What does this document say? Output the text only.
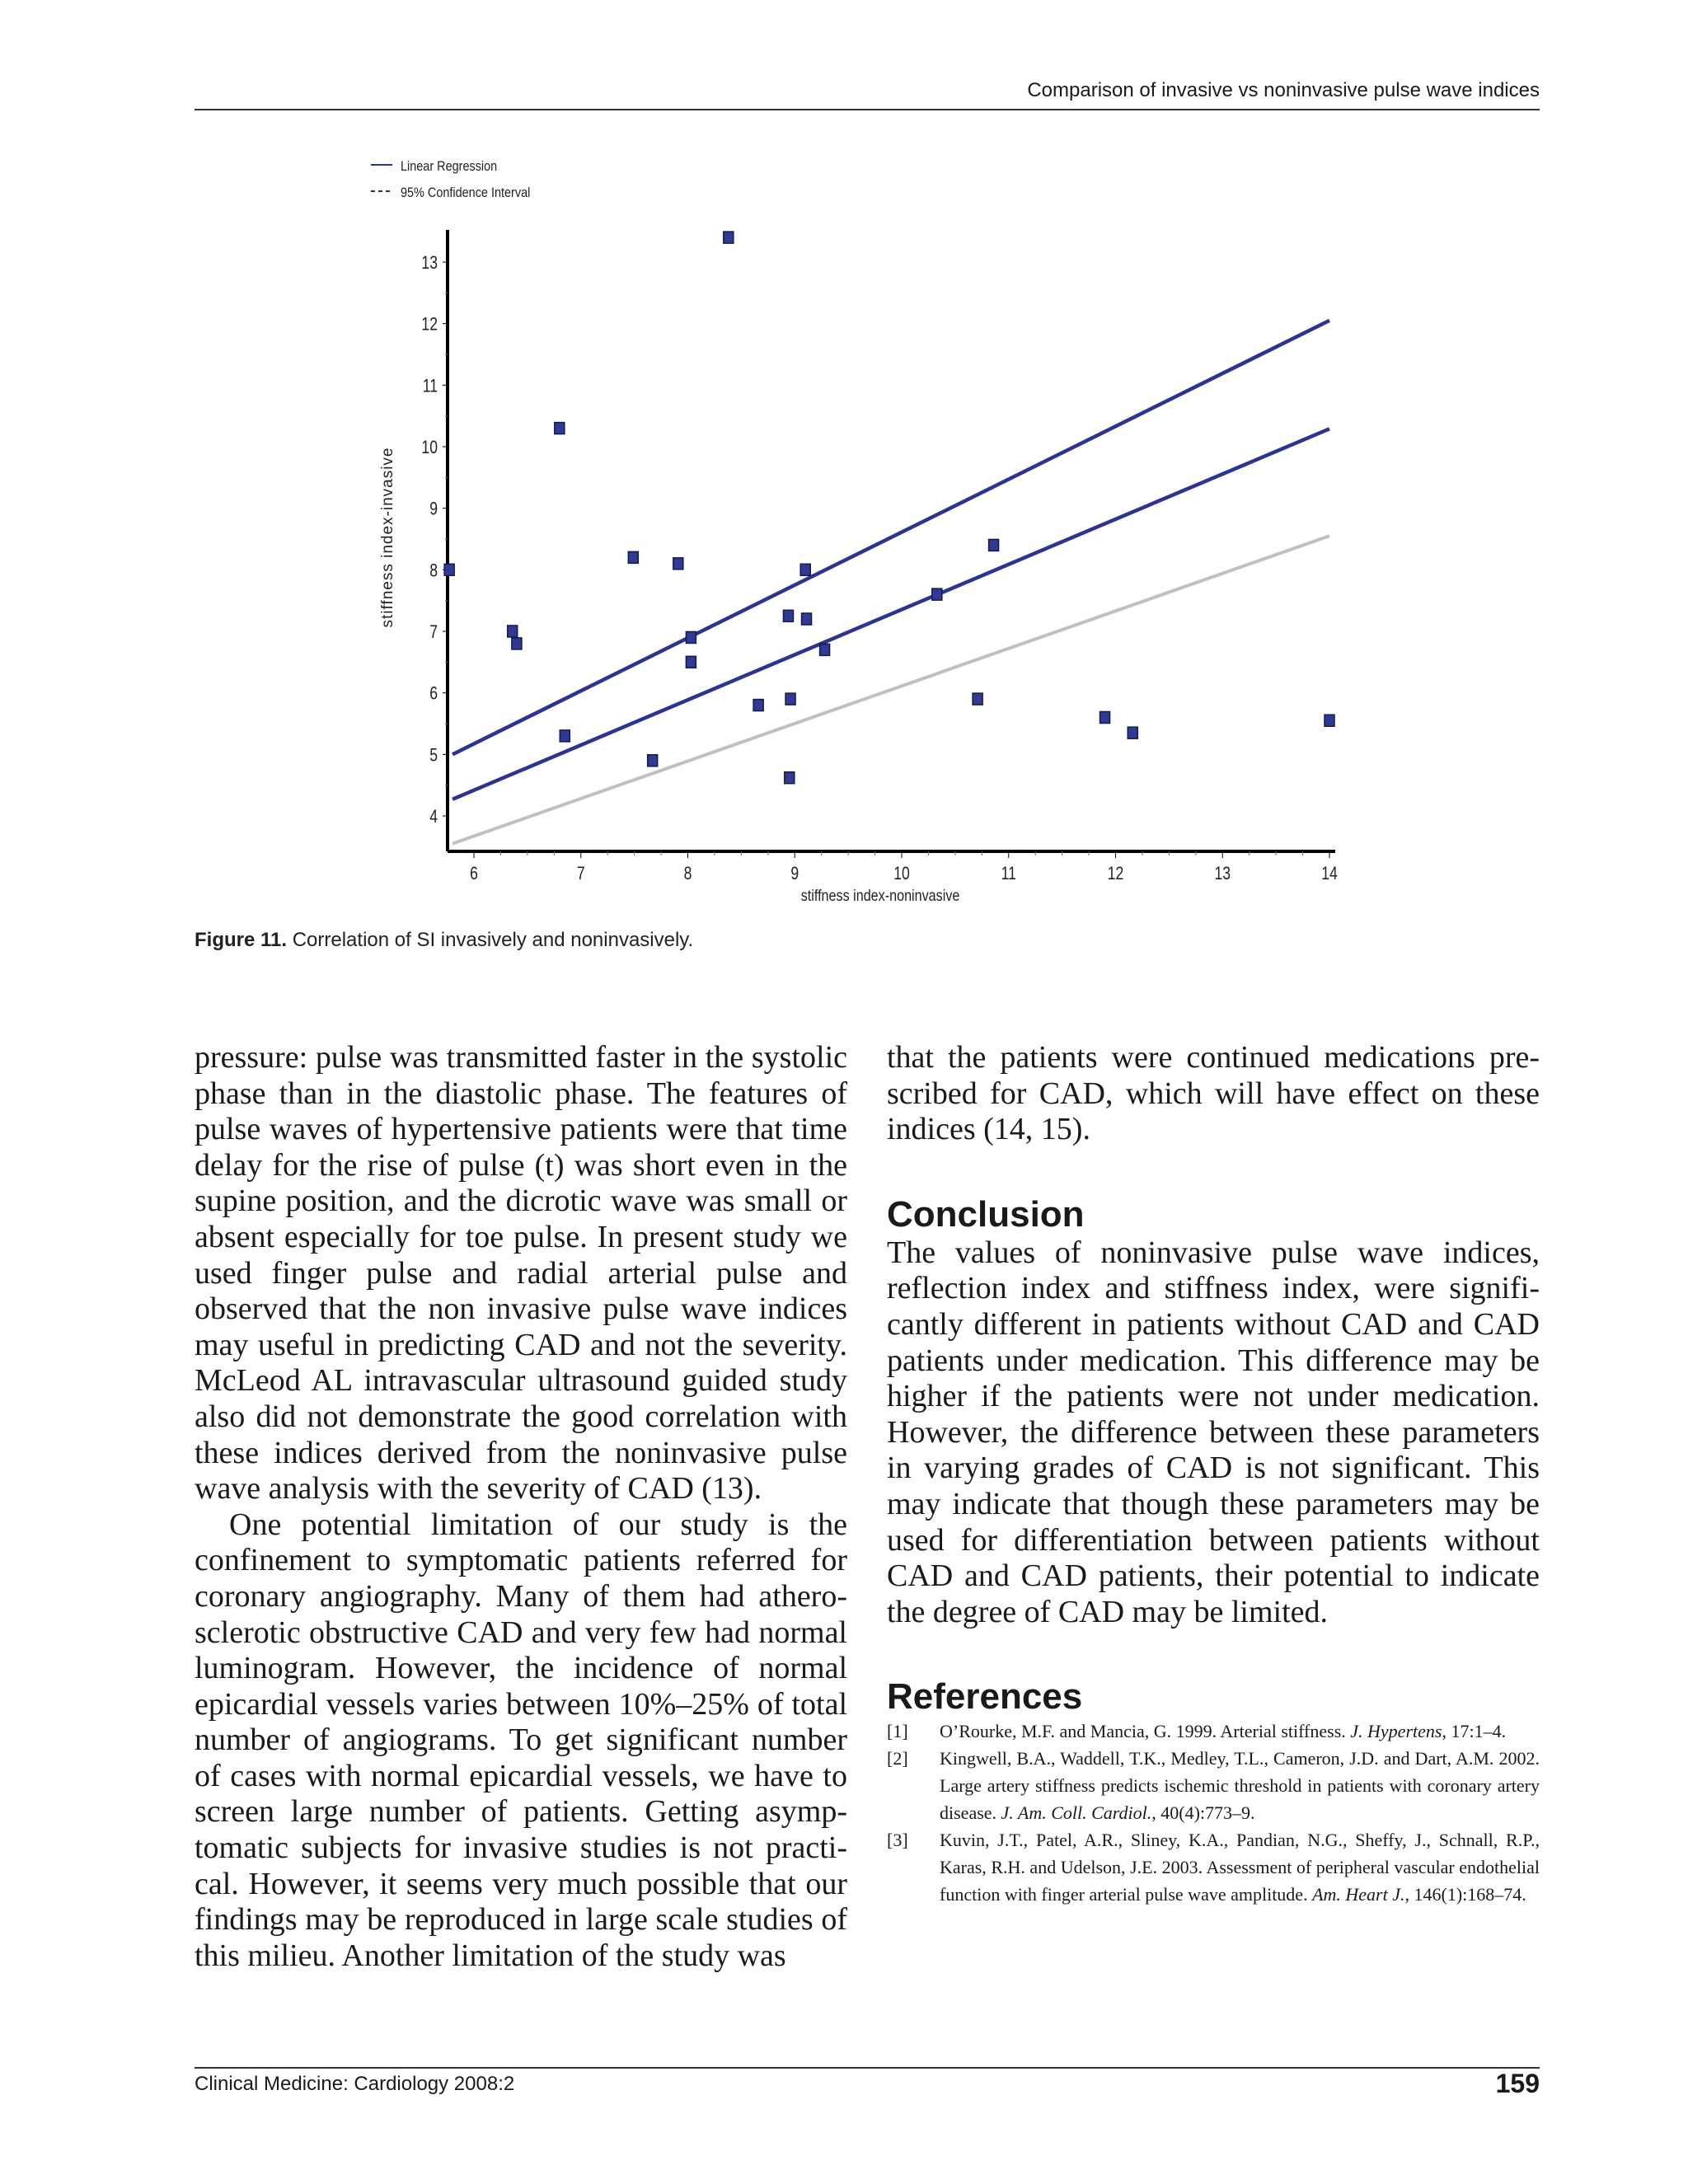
Comparison of invasive vs noninvasive pulse wave indices
Linear Regression
95% Confidence Interval
4
5
6
7
8
9
10
11
12
13
6	7	8	9	10	11	12	13	14
stiffness index-noninvasive
stiffness index-invasive
Figure 11. Correlation of SI invasively and noninvasively.

pressure: pulse was transmitted faster in the systolic phase than in the diastolic phase. The features of pulse waves of hypertensive patients were that time delay for the rise of pulse (t) was short even in the supine position, and the dicrotic wave was small or absent especially for toe pulse. In present study we used finger pulse and radial arterial pulse and observed that the non invasive pulse wave indices may useful in predicting CAD and not the severity. McLeod AL intravascular ultrasound guided study also did not demonstrate the good correlation with these indices derived from the noninvasive pulse wave analysis with the severity of CAD (13).

One potential limitation of our study is the confinement to symptomatic patients referred for coronary angiography. Many of them had athero-sclerotic obstructive CAD and very few had normal luminogram. However, the incidence of normal epicardial vessels varies between 10%–25% of total number of angiograms. To get significant number of cases with normal epicardial vessels, we have to screen large number of patients. Getting asymp-tomatic subjects for invasive studies is not practi-cal. However, it seems very much possible that our findings may be reproduced in large scale studies of this milieu. Another limitation of the study was

that the patients were continued medications pre-scribed for CAD, which will have effect on these indices (14, 15).

Conclusion

The values of noninvasive pulse wave indices, reflection index and stiffness index, were signifi-cantly different in patients without CAD and CAD patients under medication. This difference may be higher if the patients were not under medication. However, the difference between these parameters in varying grades of CAD is not significant. This may indicate that though these parameters may be used for differentiation between patients without CAD and CAD patients, their potential to indicate the degree of CAD may be limited.

References
[1]	O’Rourke, M.F. and Mancia, G. 1999. Arterial stiffness. J. Hypertens, 17:1–4.
[2]	Kingwell, B.A., Waddell, T.K., Medley, T.L., Cameron, J.D. and Dart, A.M. 2002. Large artery stiffness predicts ischemic threshold in patients with coronary artery disease. J. Am. Coll. Cardiol., 40(4):773–9.
[3]	Kuvin, J.T., Patel, A.R., Sliney, K.A., Pandian, N.G., Sheffy, J., Schnall, R.P., Karas, R.H. and Udelson, J.E. 2003. Assessment of peripheral vascular endothelial function with finger arterial pulse wave amplitude. Am. Heart J., 146(1):168–74.
Clinical Medicine: Cardiology 2008:2	159
